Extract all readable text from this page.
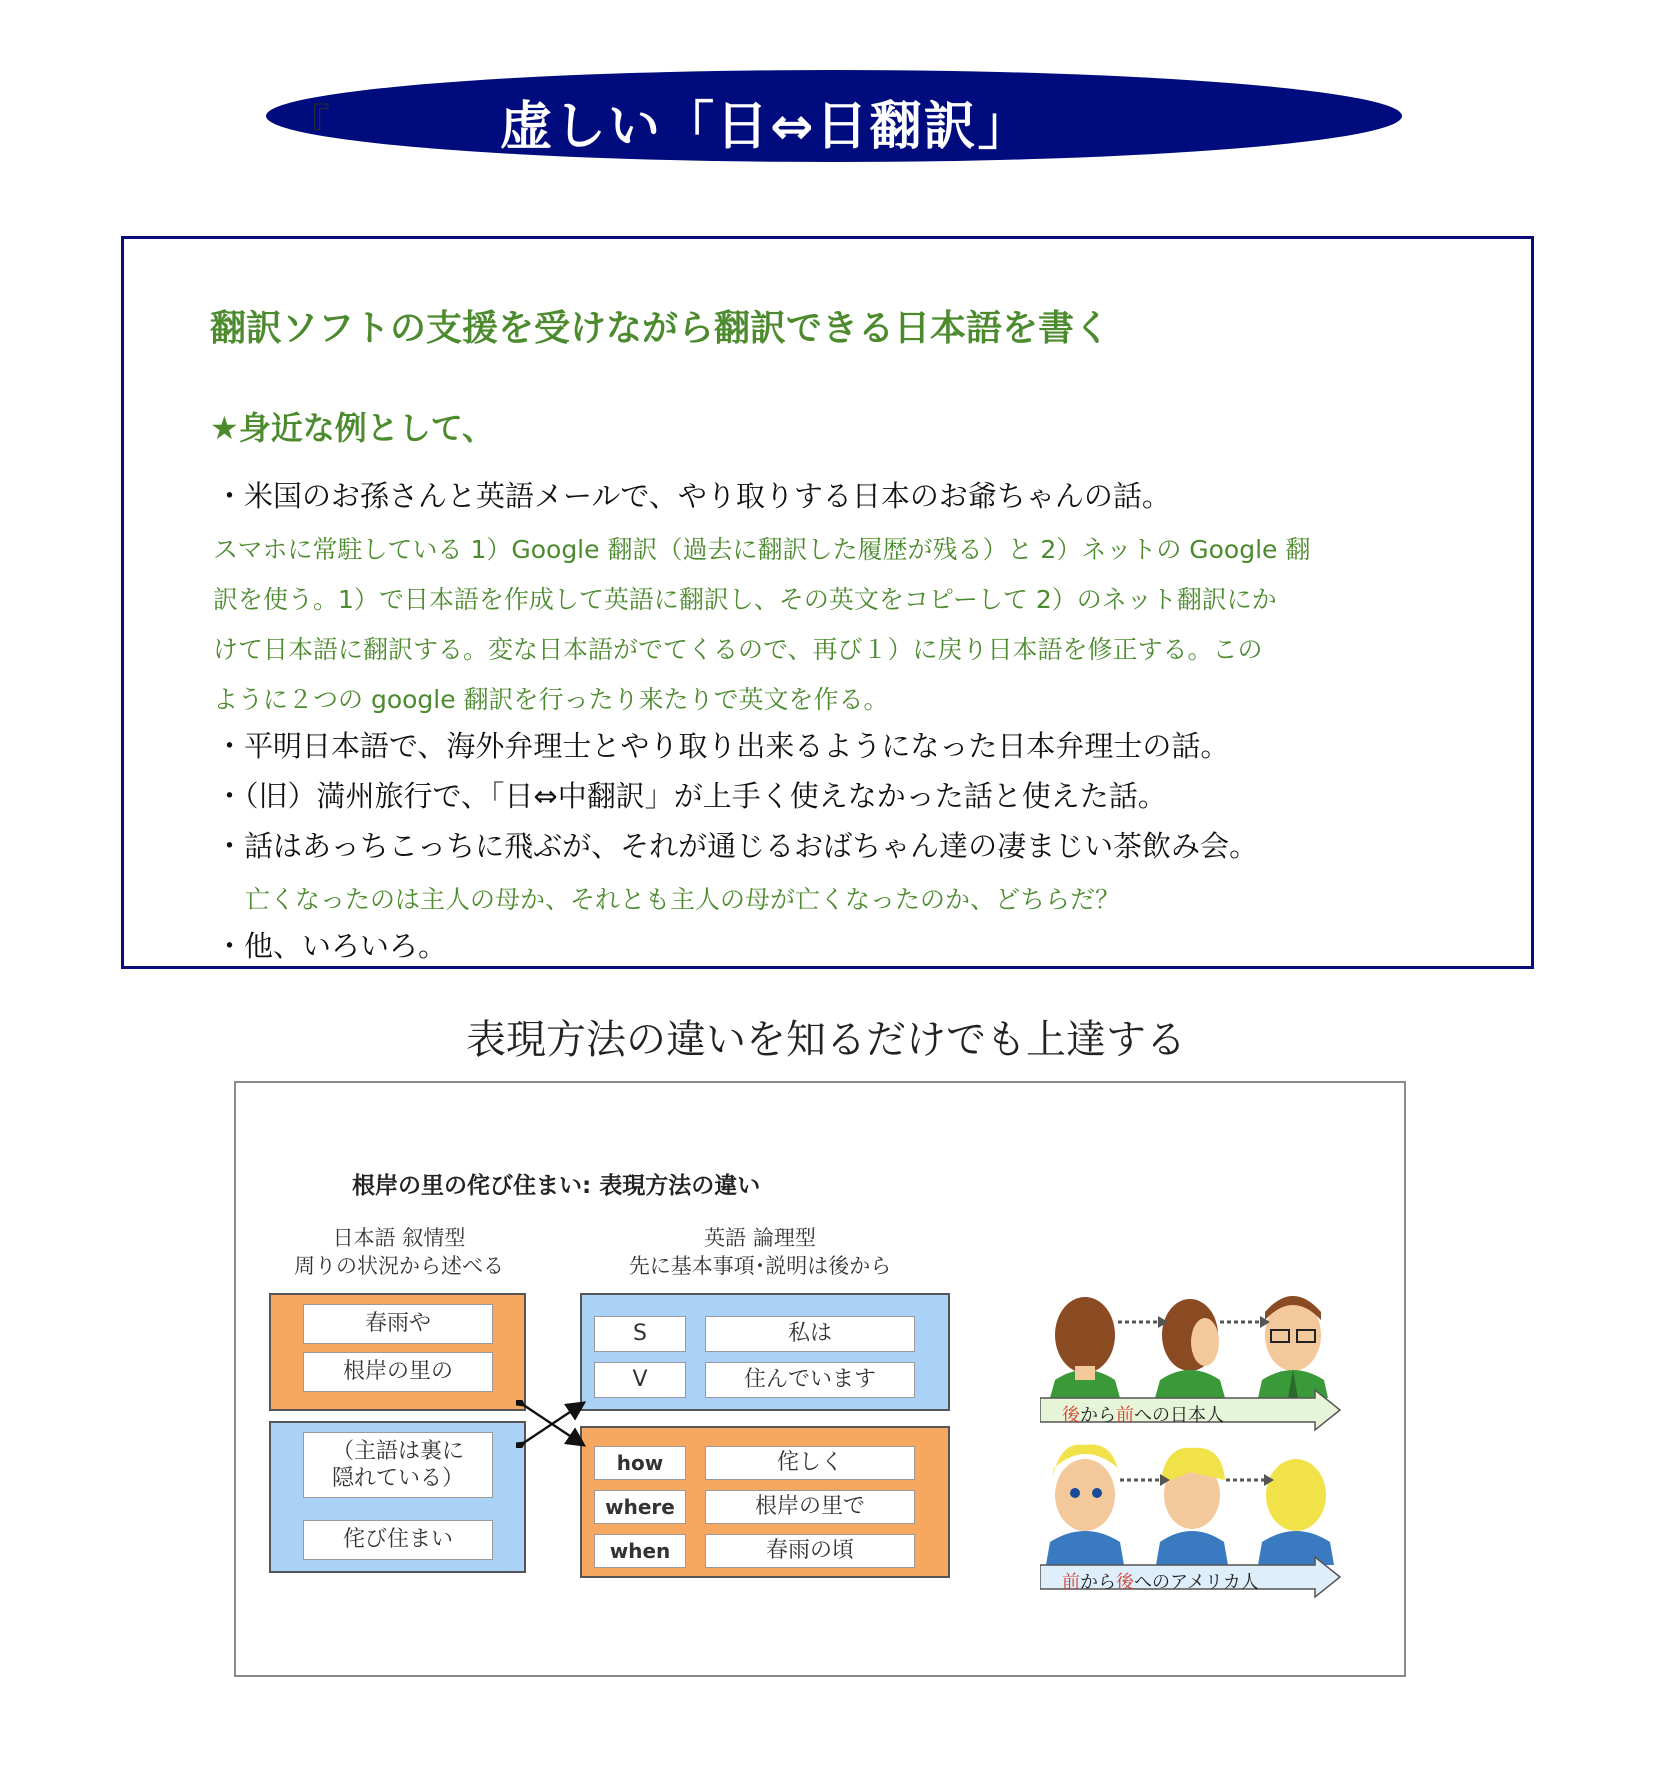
『	虚しい「日⇔日翻訳」
翻訳ソフトの支援を受けながら翻訳できる日本語を書く
★身近な例として、
・米国のお孫さんと英語メールで、やり取りする日本のお爺ちゃんの話。
スマホに常駐している 1）Google 翻訳（過去に翻訳した履歴が残る）と 2）ネットの Google 翻
訳を使う。1）で日本語を作成して英語に翻訳し、その英文をコピーして 2）のネット翻訳にか
けて日本語に翻訳する。変な日本語がでてくるので、再び１）に戻り日本語を修正する。この
ように２つの google 翻訳を行ったり来たりで英文を作る。
・平明日本語で、海外弁理士とやり取り出来るようになった日本弁理士の話。
・（旧）満州旅行で、「日⇔中翻訳」が上手く使えなかった話と使えた話。
・話はあっちこっちに飛ぶが、それが通じるおばちゃん達の凄まじい茶飲み会。
亡くなったのは主人の母か、それとも主人の母が亡くなったのか、どちらだ？
・他、いろいろ。
表現方法の違いを知るだけでも上達する
根岸の里の侘び住まい: 表現方法の違い
日本語 叙情型
周りの状況から述べる
英語 論理型
先に基本事項･説明は後から
春雨や
根岸の里の
（主語は裏に
隠れている）
侘び住まい
S	私は
V	住んでいます
how	侘しく
where	根岸の里で
when	春雨の頃
後から前への日本人
前から後へのアメリカ人
